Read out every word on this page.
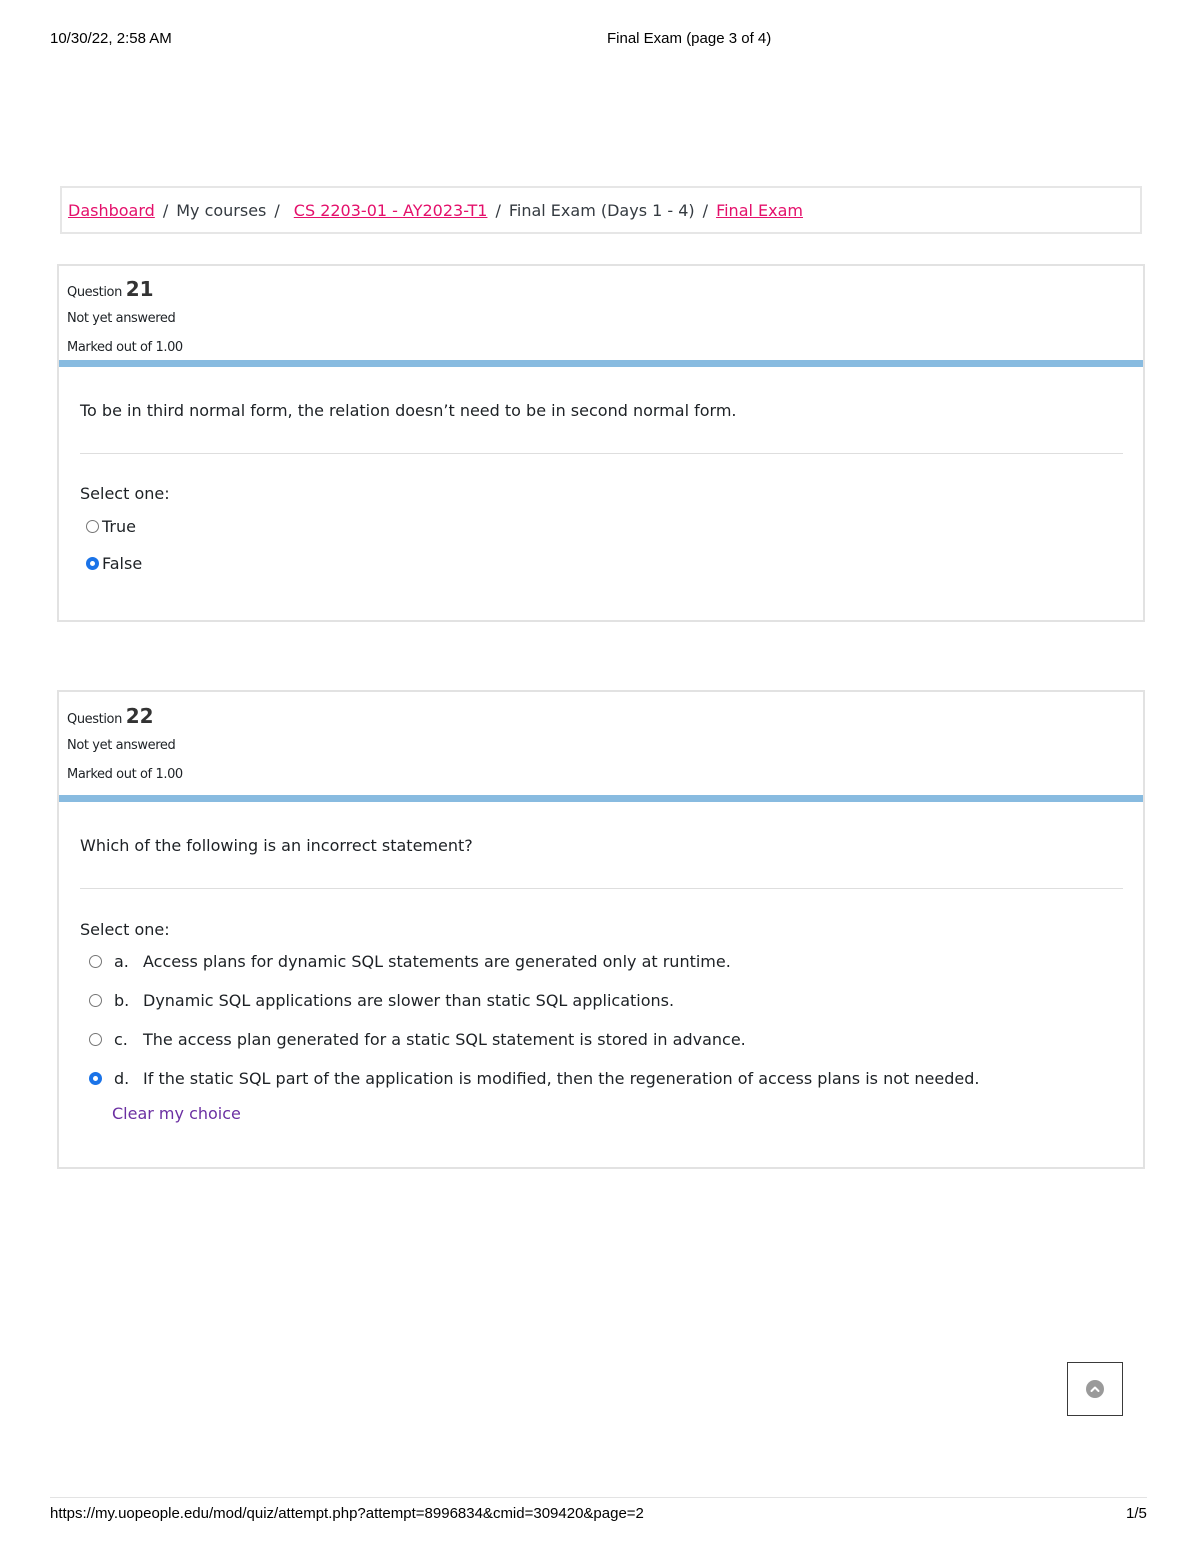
10/30/22, 2:58 AM	Final Exam (page 3 of 4)
Dashboard / My courses / CS 2203-01 - AY2023-T1 / Final Exam (Days 1 - 4) / Final Exam
Question 21
Not yet answered
Marked out of 1.00
To be in third normal form, the relation doesn’t need to be in second normal form.
Select one:
True
False
Question 22
Not yet answered
Marked out of 1.00
Which of the following is an incorrect statement?
Select one:
a. Access plans for dynamic SQL statements are generated only at runtime.
b. Dynamic SQL applications are slower than static SQL applications.
c. The access plan generated for a static SQL statement is stored in advance.
d. If the static SQL part of the application is modified, then the regeneration of access plans is not needed.
Clear my choice
https://my.uopeople.edu/mod/quiz/attempt.php?attempt=8996834&cmid=309420&page=2	1/5
